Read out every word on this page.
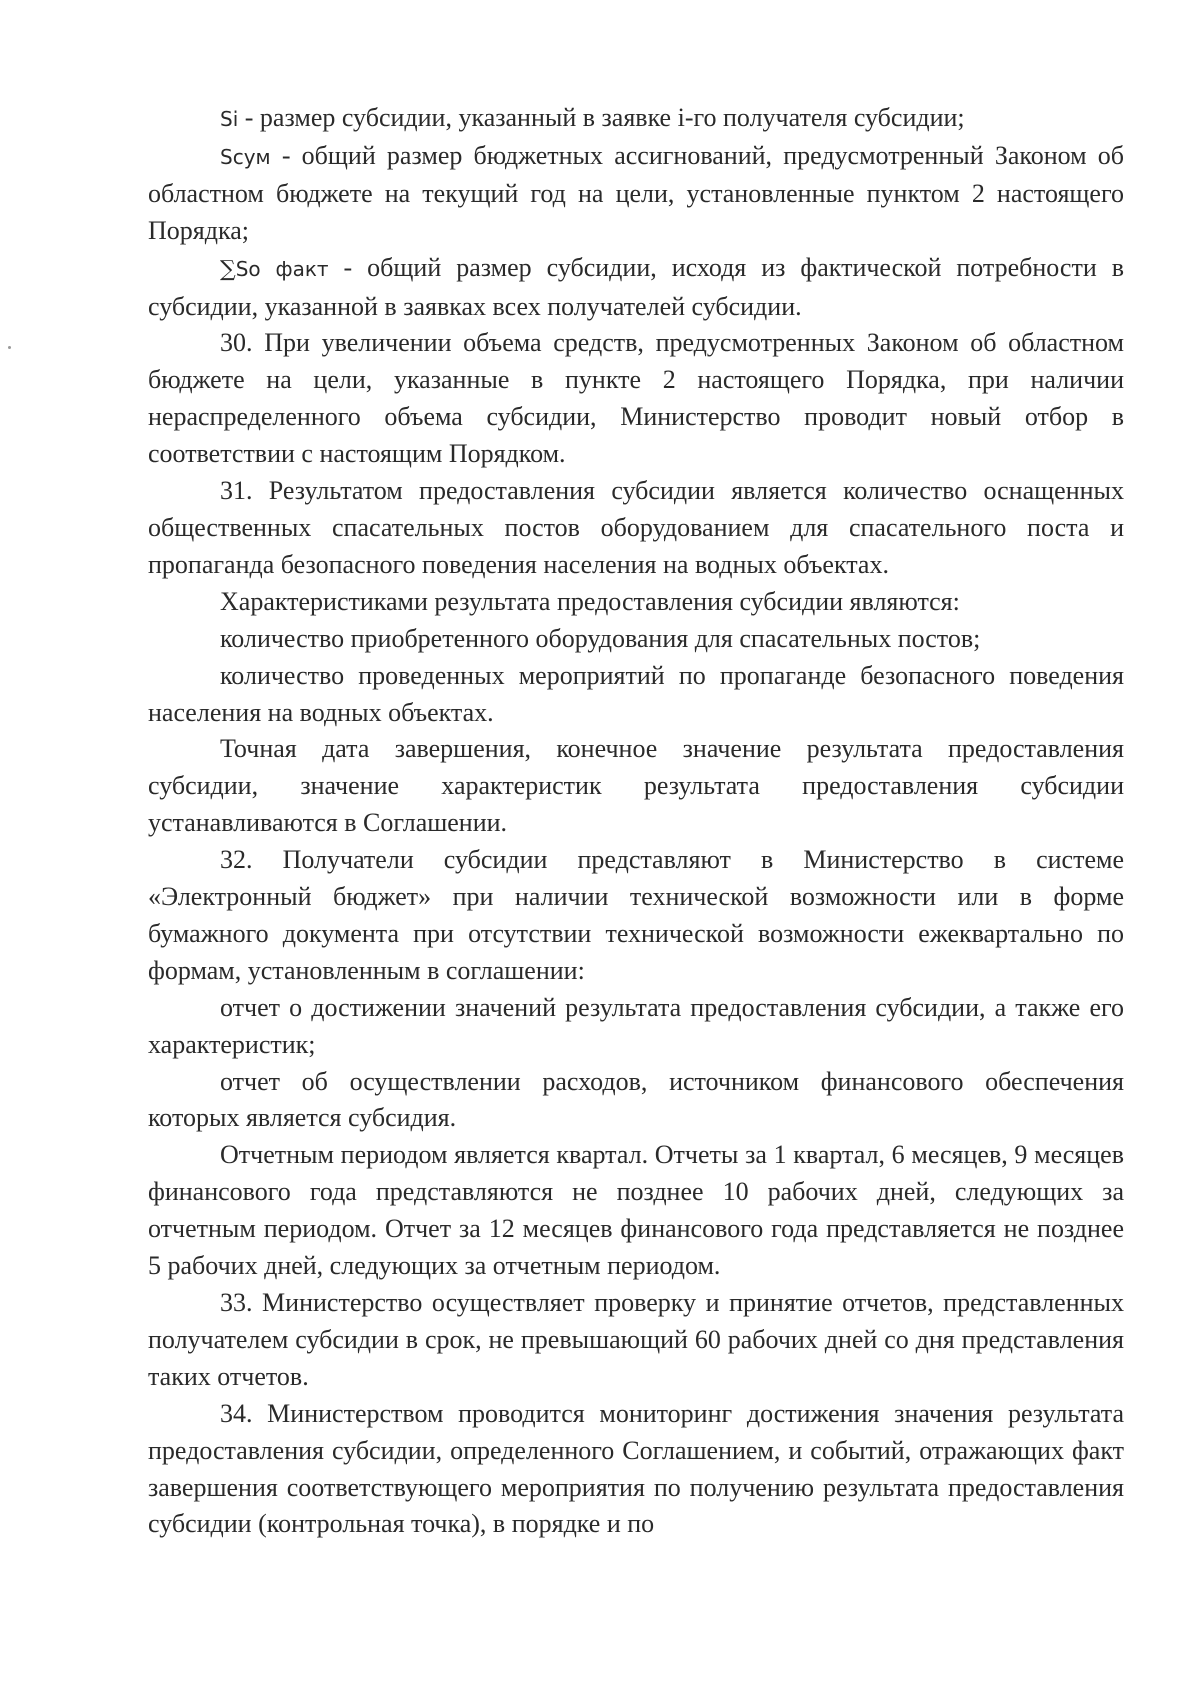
Si - размер субсидии, указанный в заявке i-го получателя субсидии;

Sсум - общий размер бюджетных ассигнований, предусмотренный Законом об областном бюджете на текущий год на цели, установленные пунктом 2 настоящего Порядка;

∑So факт - общий размер субсидии, исходя из фактической потребности в субсидии, указанной в заявках всех получателей субсидии.

30. При увеличении объема средств, предусмотренных Законом об областном бюджете на цели, указанные в пункте 2 настоящего Порядка, при наличии нераспределенного объема субсидии, Министерство проводит новый отбор в соответствии с настоящим Порядком.

31. Результатом предоставления субсидии является количество оснащенных общественных спасательных постов оборудованием для спасательного поста и пропаганда безопасного поведения населения на водных объектах.

Характеристиками результата предоставления субсидии являются:

количество приобретенного оборудования для спасательных постов;

количество проведенных мероприятий по пропаганде безопасного поведения населения на водных объектах.

Точная дата завершения, конечное значение результата предоставления субсидии, значение характеристик результата предоставления субсидии устанавливаются в Соглашении.

32. Получатели субсидии представляют в Министерство в системе «Электронный бюджет» при наличии технической возможности или в форме бумажного документа при отсутствии технической возможности ежеквартально по формам, установленным в соглашении:

отчет о достижении значений результата предоставления субсидии, а также его характеристик;

отчет об осуществлении расходов, источником финансового обеспечения которых является субсидия.

Отчетным периодом является квартал. Отчеты за 1 квартал, 6 месяцев, 9 месяцев финансового года представляются не позднее 10 рабочих дней, следующих за отчетным периодом. Отчет за 12 месяцев финансового года представляется не позднее 5 рабочих дней, следующих за отчетным периодом.

33. Министерство осуществляет проверку и принятие отчетов, представленных получателем субсидии в срок, не превышающий 60 рабочих дней со дня представления таких отчетов.

34. Министерством проводится мониторинг достижения значения результата предоставления субсидии, определенного Соглашением, и событий, отражающих факт завершения соответствующего мероприятия по получению результата предоставления субсидии (контрольная точка), в порядке и по
